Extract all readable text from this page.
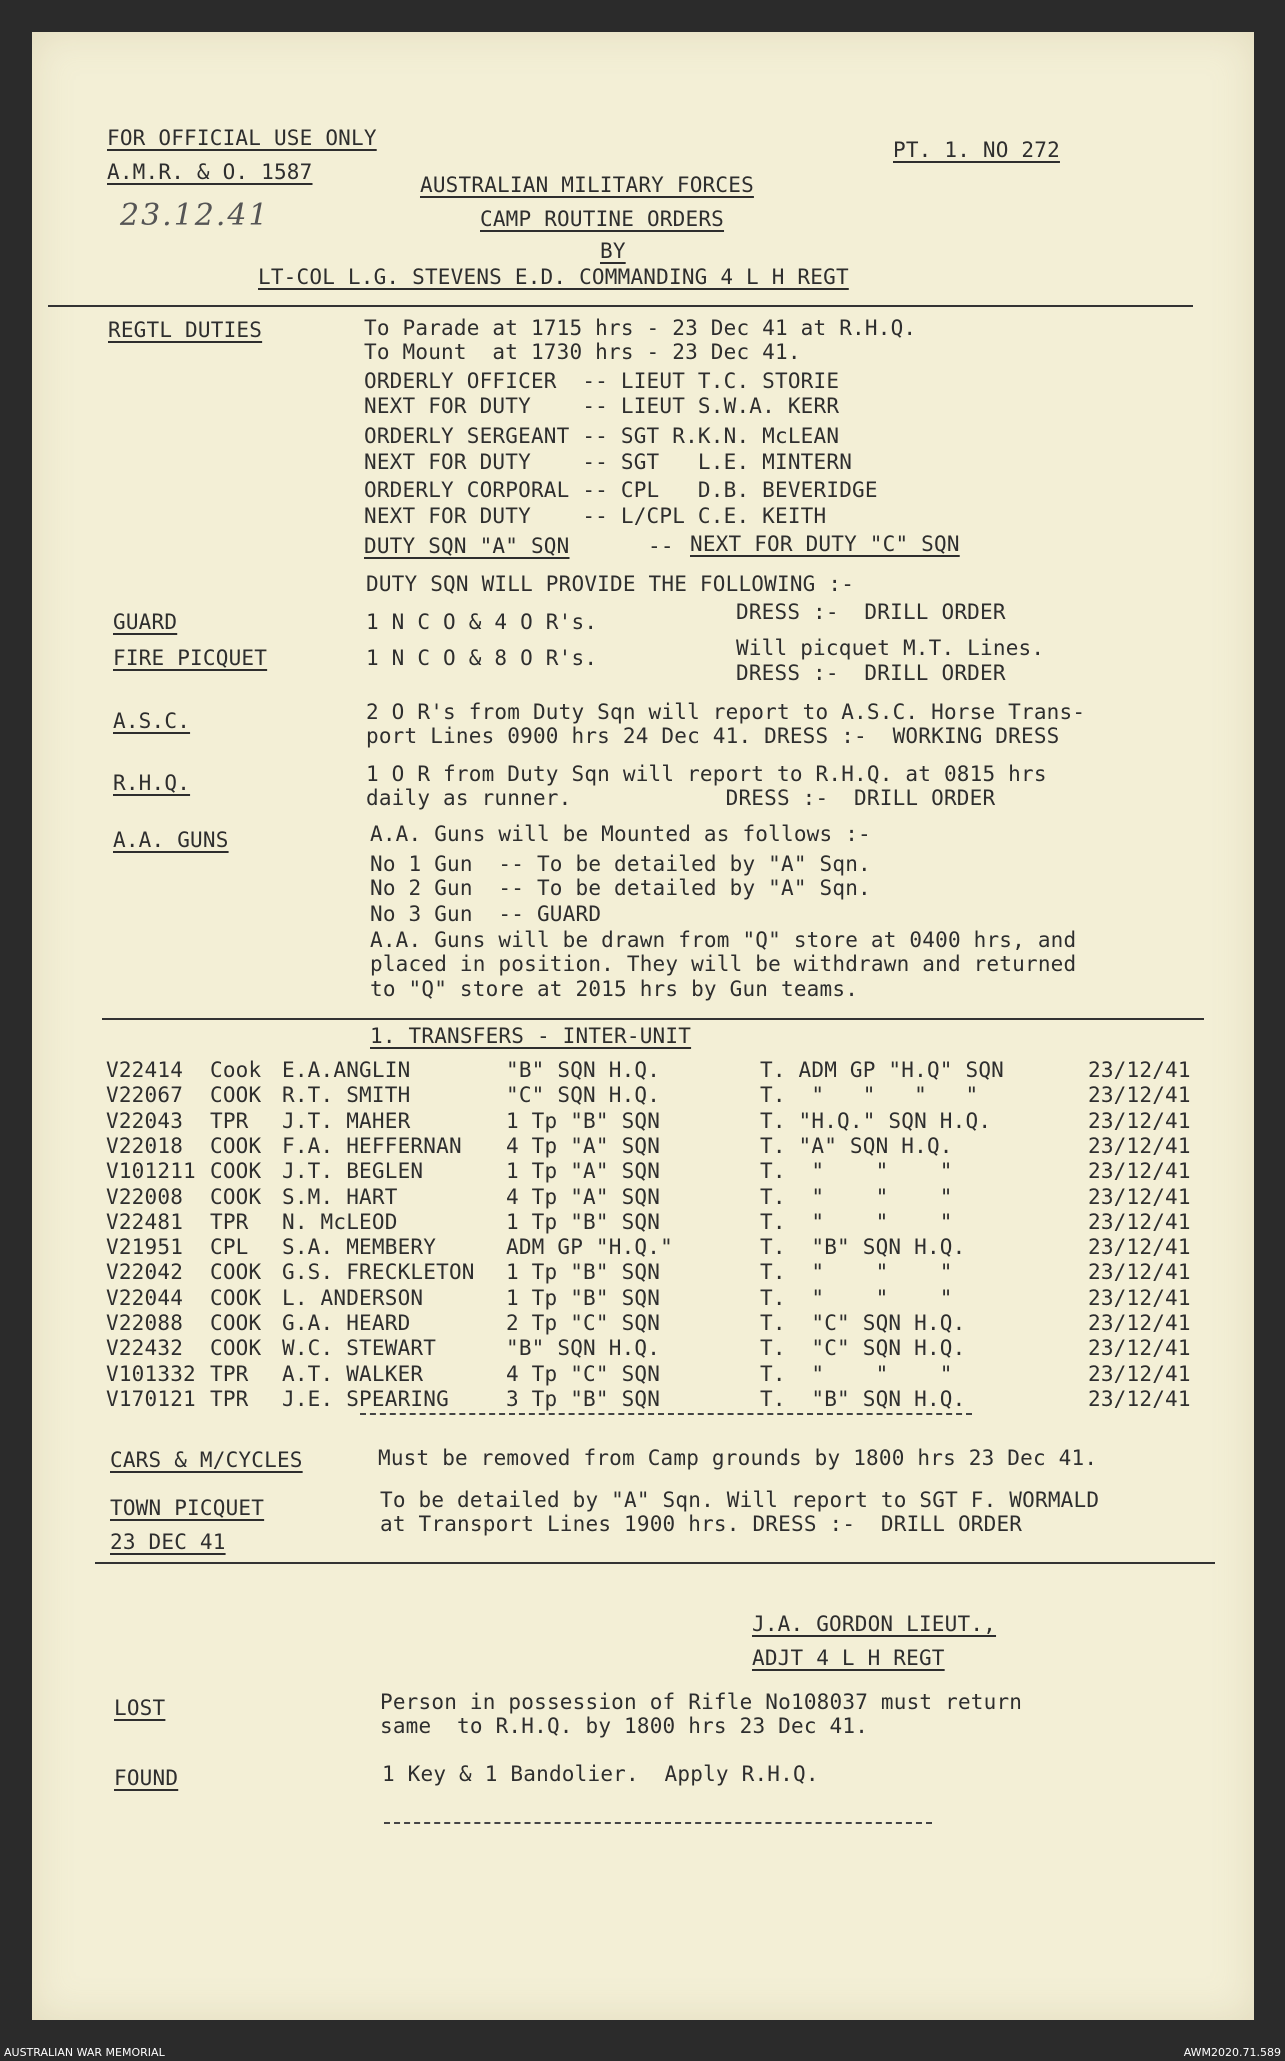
FOR OFFICIAL USE ONLY
A.M.R. & O. 1587
23.12.41
PT. 1. NO 272
AUSTRALIAN MILITARY FORCES
CAMP ROUTINE ORDERS
BY
LT-COL L.G. STEVENS E.D. COMMANDING 4 L H REGT
REGTL DUTIES	To Parade at 1715 hrs - 23 Dec 41 at R.H.Q.
To Mount  at 1730 hrs - 23 Dec 41.
ORDERLY OFFICER  -- LIEUT T.C. STORIE
NEXT FOR DUTY    -- LIEUT S.W.A. KERR
ORDERLY SERGEANT -- SGT R.K.N. McLEAN
NEXT FOR DUTY    -- SGT   L.E. MINTERN
ORDERLY CORPORAL -- CPL   D.B. BEVERIDGE
NEXT FOR DUTY    -- L/CPL C.E. KEITH
DUTY SQN "A" SQN	-- NEXT FOR DUTY "C" SQN
DUTY SQN WILL PROVIDE THE FOLLOWING :-
GUARD	1 N C O & 4 O R's.	DRESS :-  DRILL ORDER
FIRE PICQUET	1 N C O & 8 O R's.	Will picquet M.T. Lines.
DRESS :-  DRILL ORDER
A.S.C.	2 O R's from Duty Sqn will report to A.S.C. Horse Trans-
port Lines 0900 hrs 24 Dec 41. DRESS :-  WORKING DRESS
R.H.Q.	1 O R from Duty Sqn will report to R.H.Q. at 0815 hrs
daily as runner.            DRESS :-  DRILL ORDER
A.A. GUNS	A.A. Guns will be Mounted as follows :-
No 1 Gun  -- To be detailed by "A" Sqn.
No 2 Gun  -- To be detailed by "A" Sqn.
No 3 Gun  -- GUARD
A.A. Guns will be drawn from "Q" store at 0400 hrs, and
placed in position. They will be withdrawn and returned
to "Q" store at 2015 hrs by Gun teams.
1. TRANSFERS - INTER-UNIT
V22414 Cook E.A.ANGLIN	"B" SQN H.Q.	T. ADM GP "H.Q" SQN	23/12/41
V22067 COOK R.T. SMITH	"C" SQN H.Q.	T.  "   "   "   "	23/12/41
V22043 TPR J.T. MAHER	1 Tp "B" SQN	T. "H.Q." SQN H.Q.	23/12/41
V22018 COOK F.A. HEFFERNAN 4 Tp "A" SQN	T. "A" SQN H.Q.	23/12/41
V101211 COOK J.T. BEGLEN	1 Tp "A" SQN	T.  "    "    "	23/12/41
V22008 COOK S.M. HART	4 Tp "A" SQN	T.  "    "    "	23/12/41
V22481 TPR N. McLEOD	1 Tp "B" SQN	T.  "    "    "	23/12/41
V21951 CPL S.A. MEMBERY	ADM GP "H.Q."	T.  "B" SQN H.Q.	23/12/41
V22042 COOK G.S. FRECKLETON 1 Tp "B" SQN	T.  "    "    "	23/12/41
V22044 COOK L. ANDERSON	1 Tp "B" SQN	T.  "    "    "	23/12/41
V22088 COOK G.A. HEARD	2 Tp "C" SQN	T.  "C" SQN H.Q.	23/12/41
V22432 COOK W.C. STEWART	"B" SQN H.Q.	T.  "C" SQN H.Q.	23/12/41
V101332 TPR A.T. WALKER	4 Tp "C" SQN	T.  "    "    "	23/12/41
V170121 TPR J.E. SPEARING	3 Tp "B" SQN	T.  "B" SQN H.Q.	23/12/41
CARS & M/CYCLES	Must be removed from Camp grounds by 1800 hrs 23 Dec 41.
TOWN PICQUET
23 DEC 41
To be detailed by "A" Sqn. Will report to SGT F. WORMALD
at Transport Lines 1900 hrs. DRESS :-  DRILL ORDER
J.A. GORDON LIEUT.,
ADJT 4 L H REGT
LOST	Person in possession of Rifle No108037 must return
same  to R.H.Q. by 1800 hrs 23 Dec 41.
FOUND	1 Key & 1 Bandolier.  Apply R.H.Q.
AUSTRALIAN WAR MEMORIAL	AWM2020.71.589
